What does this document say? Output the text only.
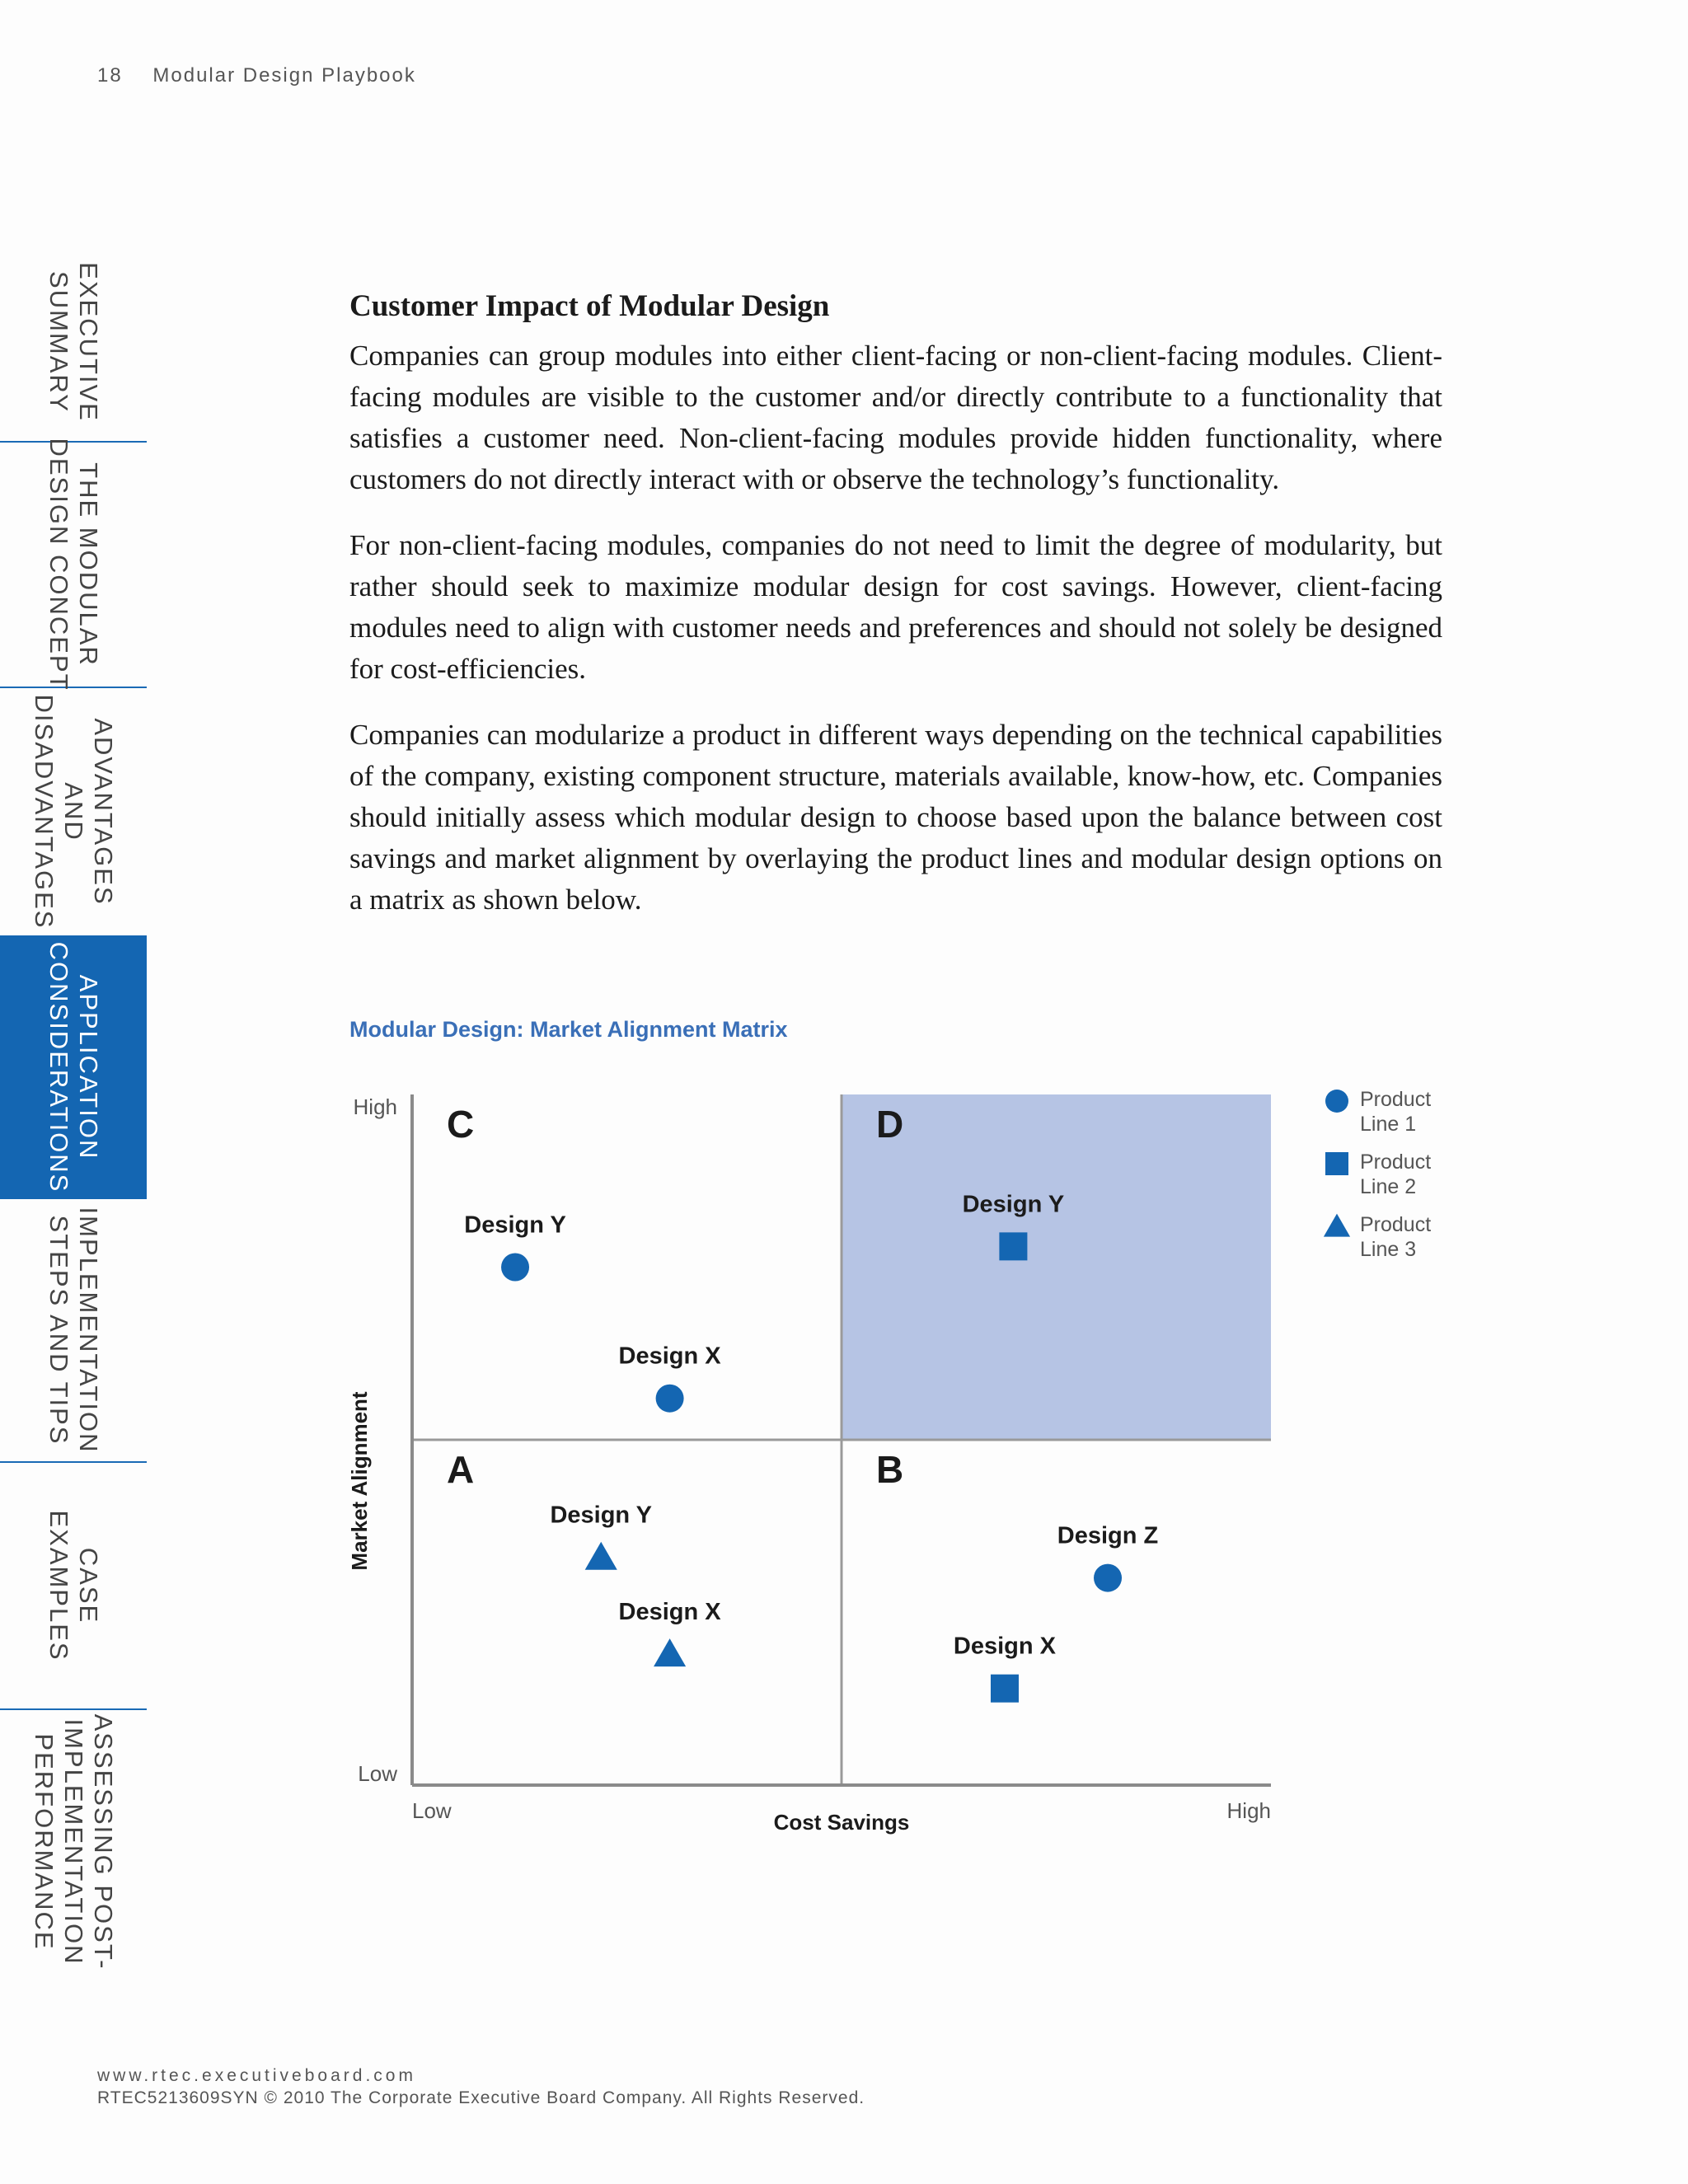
18 Modular Design Playbook
EXECUTIVE
SUMMARY
THE MODULAR
DESIGN CONCEPT
ADVANTAGES
AND
DISADVANTAGES
APPLICATION
CONSIDERATIONS
IMPLEMENTATION
STEPS AND TIPS
CASE
EXAMPLES
ASSESSING POST-
IMPLEMENTATION
PERFORMANCE
Customer Impact of Modular Design

Companies can group modules into either client-facing or non-client-facing modules. Client-facing modules are visible to the customer and/or directly contribute to a functionality that satisfies a customer need. Non-client-facing modules provide hidden functionality, where customers do not directly interact with or observe the technology’s functionality.

For non-client-facing modules, companies do not need to limit the degree of modularity, but rather should seek to maximize modular design for cost savings. However, client-facing modules need to align with customer needs and preferences and should not solely be designed for cost-efficiencies.

Companies can modularize a product in different ways depending on the technical capabilities of the company, existing component structure, materials available, know-how, etc. Companies should initially assess which modular design to choose based upon the balance between cost savings and market alignment by overlaying the product lines and modular design options on a matrix as shown below.

Modular Design: Market Alignment Matrix
A	B
C	D
High
Low
Low	High
Cost Savings
Market Alignment
Design Y
Design X
Design Z
Design Y
Design X
Design Y
Design X
Product
Line 1
Product
Line 2
Product
Line 3
www.rtec.executiveboard.com
RTEC5213609SYN © 2010 The Corporate Executive Board Company. All Rights Reserved.
